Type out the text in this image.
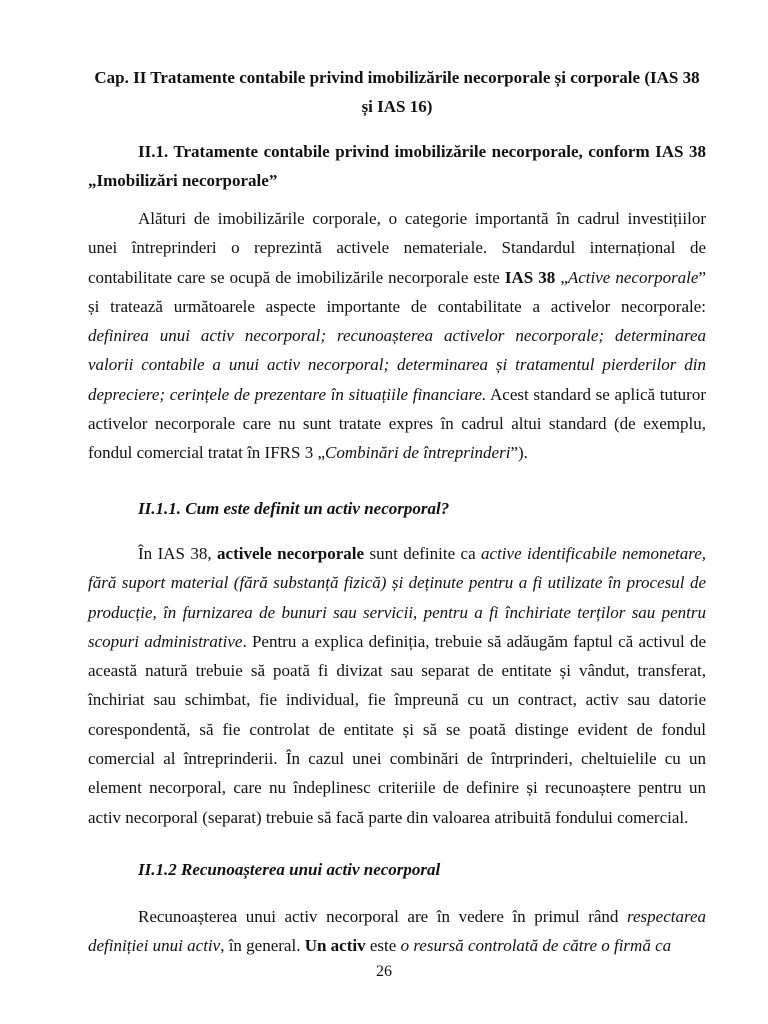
Cap. II Tratamente contabile privind imobilizările necorporale și corporale (IAS 38 și IAS 16)
II.1. Tratamente contabile privind imobilizările necorporale, conform IAS 38 „Imobilizări necorporale”

Alături de imobilizările corporale, o categorie importantă în cadrul investițiilor unei întreprinderi o reprezintă activele nemateriale. Standardul internațional de contabilitate care se ocupă de imobilizările necorporale este IAS 38 „Active necorporale” și tratează următoarele aspecte importante de contabilitate a activelor necorporale: definirea unui activ necorporal; recunoașterea activelor necorporale; determinarea valorii contabile a unui activ necorporal; determinarea și tratamentul pierderilor din depreciere; cerințele de prezentare în situațiile financiare. Acest standard se aplică tuturor activelor necorporale care nu sunt tratate expres în cadrul altui standard (de exemplu, fondul comercial tratat în IFRS 3 „Combinări de întreprinderi”).

II.1.1. Cum este definit un activ necorporal?

În IAS 38, activele necorporale sunt definite ca active identificabile nemonetare, fără suport material (fără substanță fizică) și deținute pentru a fi utilizate în procesul de producție, în furnizarea de bunuri sau servicii, pentru a fi închiriate terților sau pentru scopuri administrative. Pentru a explica definiția, trebuie să adăugăm faptul că activul de această natură trebuie să poată fi divizat sau separat de entitate și vândut, transferat, închiriat sau schimbat, fie individual, fie împreună cu un contract, activ sau datorie corespondentă, să fie controlat de entitate și să se poată distinge evident de fondul comercial al întreprinderii. În cazul unei combinări de întrprinderi, cheltuielile cu un element necorporal, care nu îndeplinesc criteriile de definire și recunoaștere pentru un activ necorporal (separat) trebuie să facă parte din valoarea atribuită fondului comercial.

II.1.2 Recunoașterea unui activ necorporal

Recunoașterea unui activ necorporal are în vedere în primul rând respectarea definiției unui activ, în general. Un activ este o resursă controlată de către o firmă ca

26
